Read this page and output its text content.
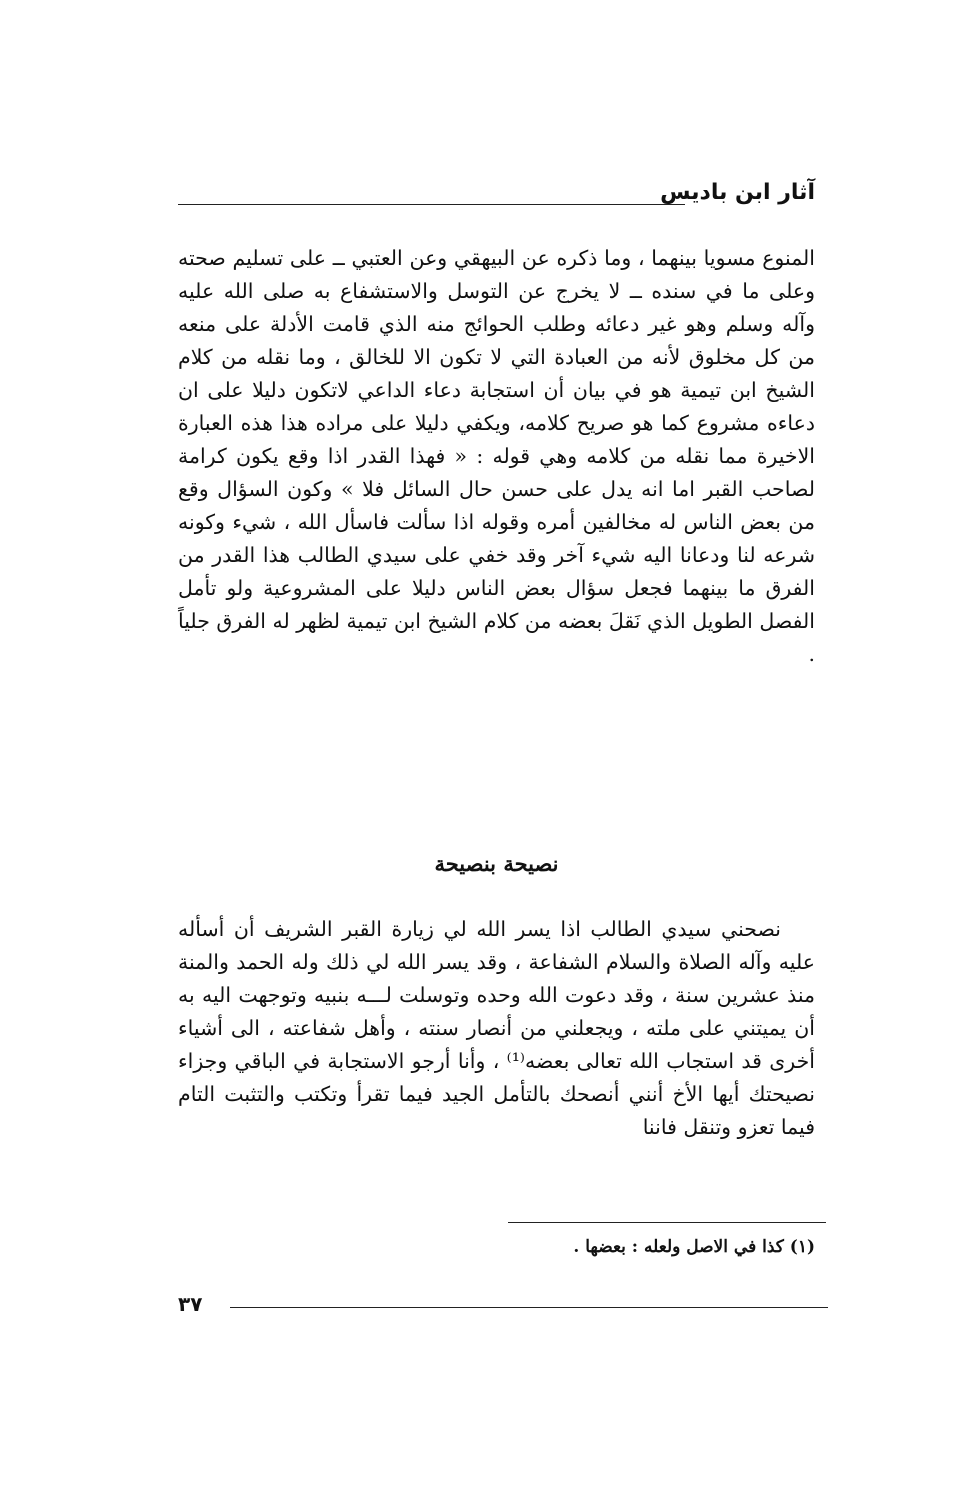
آثار ابن باديس

المنوع مسويا بينهما ، وما ذكره عن البيهقي وعن العتبي ــ على تسليم صحته وعلى ما في سنده ــ لا يخرج عن التوسل والاستشفاع به صلى الله عليه وآله وسلم وهو غير دعائه وطلب الحوائج منه الذي قامت الأدلة على منعه من كل مخلوق لأنه من العبادة التي لا تكون الا للخالق ، وما نقله من كلام الشيخ ابن تيمية هو في بيان أن استجابة دعاء الداعي لاتكون دليلا على ان دعاءه مشروع كما هو صريح كلامه، ويكفي دليلا على مراده هذا هذه العبارة الاخيرة مما نقله من كلامه وهي قوله : « فهذا القدر اذا وقع يكون كرامة لصاحب القبر اما انه يدل على حسن حال السائل فلا » وكون السؤال وقع من بعض الناس له مخالفين أمره وقوله اذا سألت فاسأل الله ، شيء وكونه شرعه لنا ودعانا اليه شيء آخر وقد خفي على سيدي الطالب هذا القدر من الفرق ما بينهما فجعل سؤال بعض الناس دليلا على المشروعية ولو تأمل الفصل الطويل الذي نَقلَ بعضه من كلام الشيخ ابن تيمية لظهر له الفرق جلياً .

نصيحة بنصيحة

نصحني سيدي الطالب اذا يسر الله لي زيارة القبر الشريف أن أسأله عليه وآله الصلاة والسلام الشفاعة ، وقد يسر الله لي ذلك وله الحمد والمنة منذ عشرين سنة ، وقد دعوت الله وحده وتوسلت لـــه بنبيه وتوجهت اليه به أن يميتني على ملته ، ويجعلني من أنصار سنته ، وأهل شفاعته ، الى أشياء أخرى قد استجاب الله تعالى بعضه⁽¹⁾ ، وأنا أرجو الاستجابة في الباقي وجزاء نصيحتك أيها الأخ أنني أنصحك بالتأمل الجيد فيما تقرأ وتكتب والتثبت التام فيما تعزو وتنقل فاننا

(١) كذا في الاصل ولعله : بعضها .

٣٧
